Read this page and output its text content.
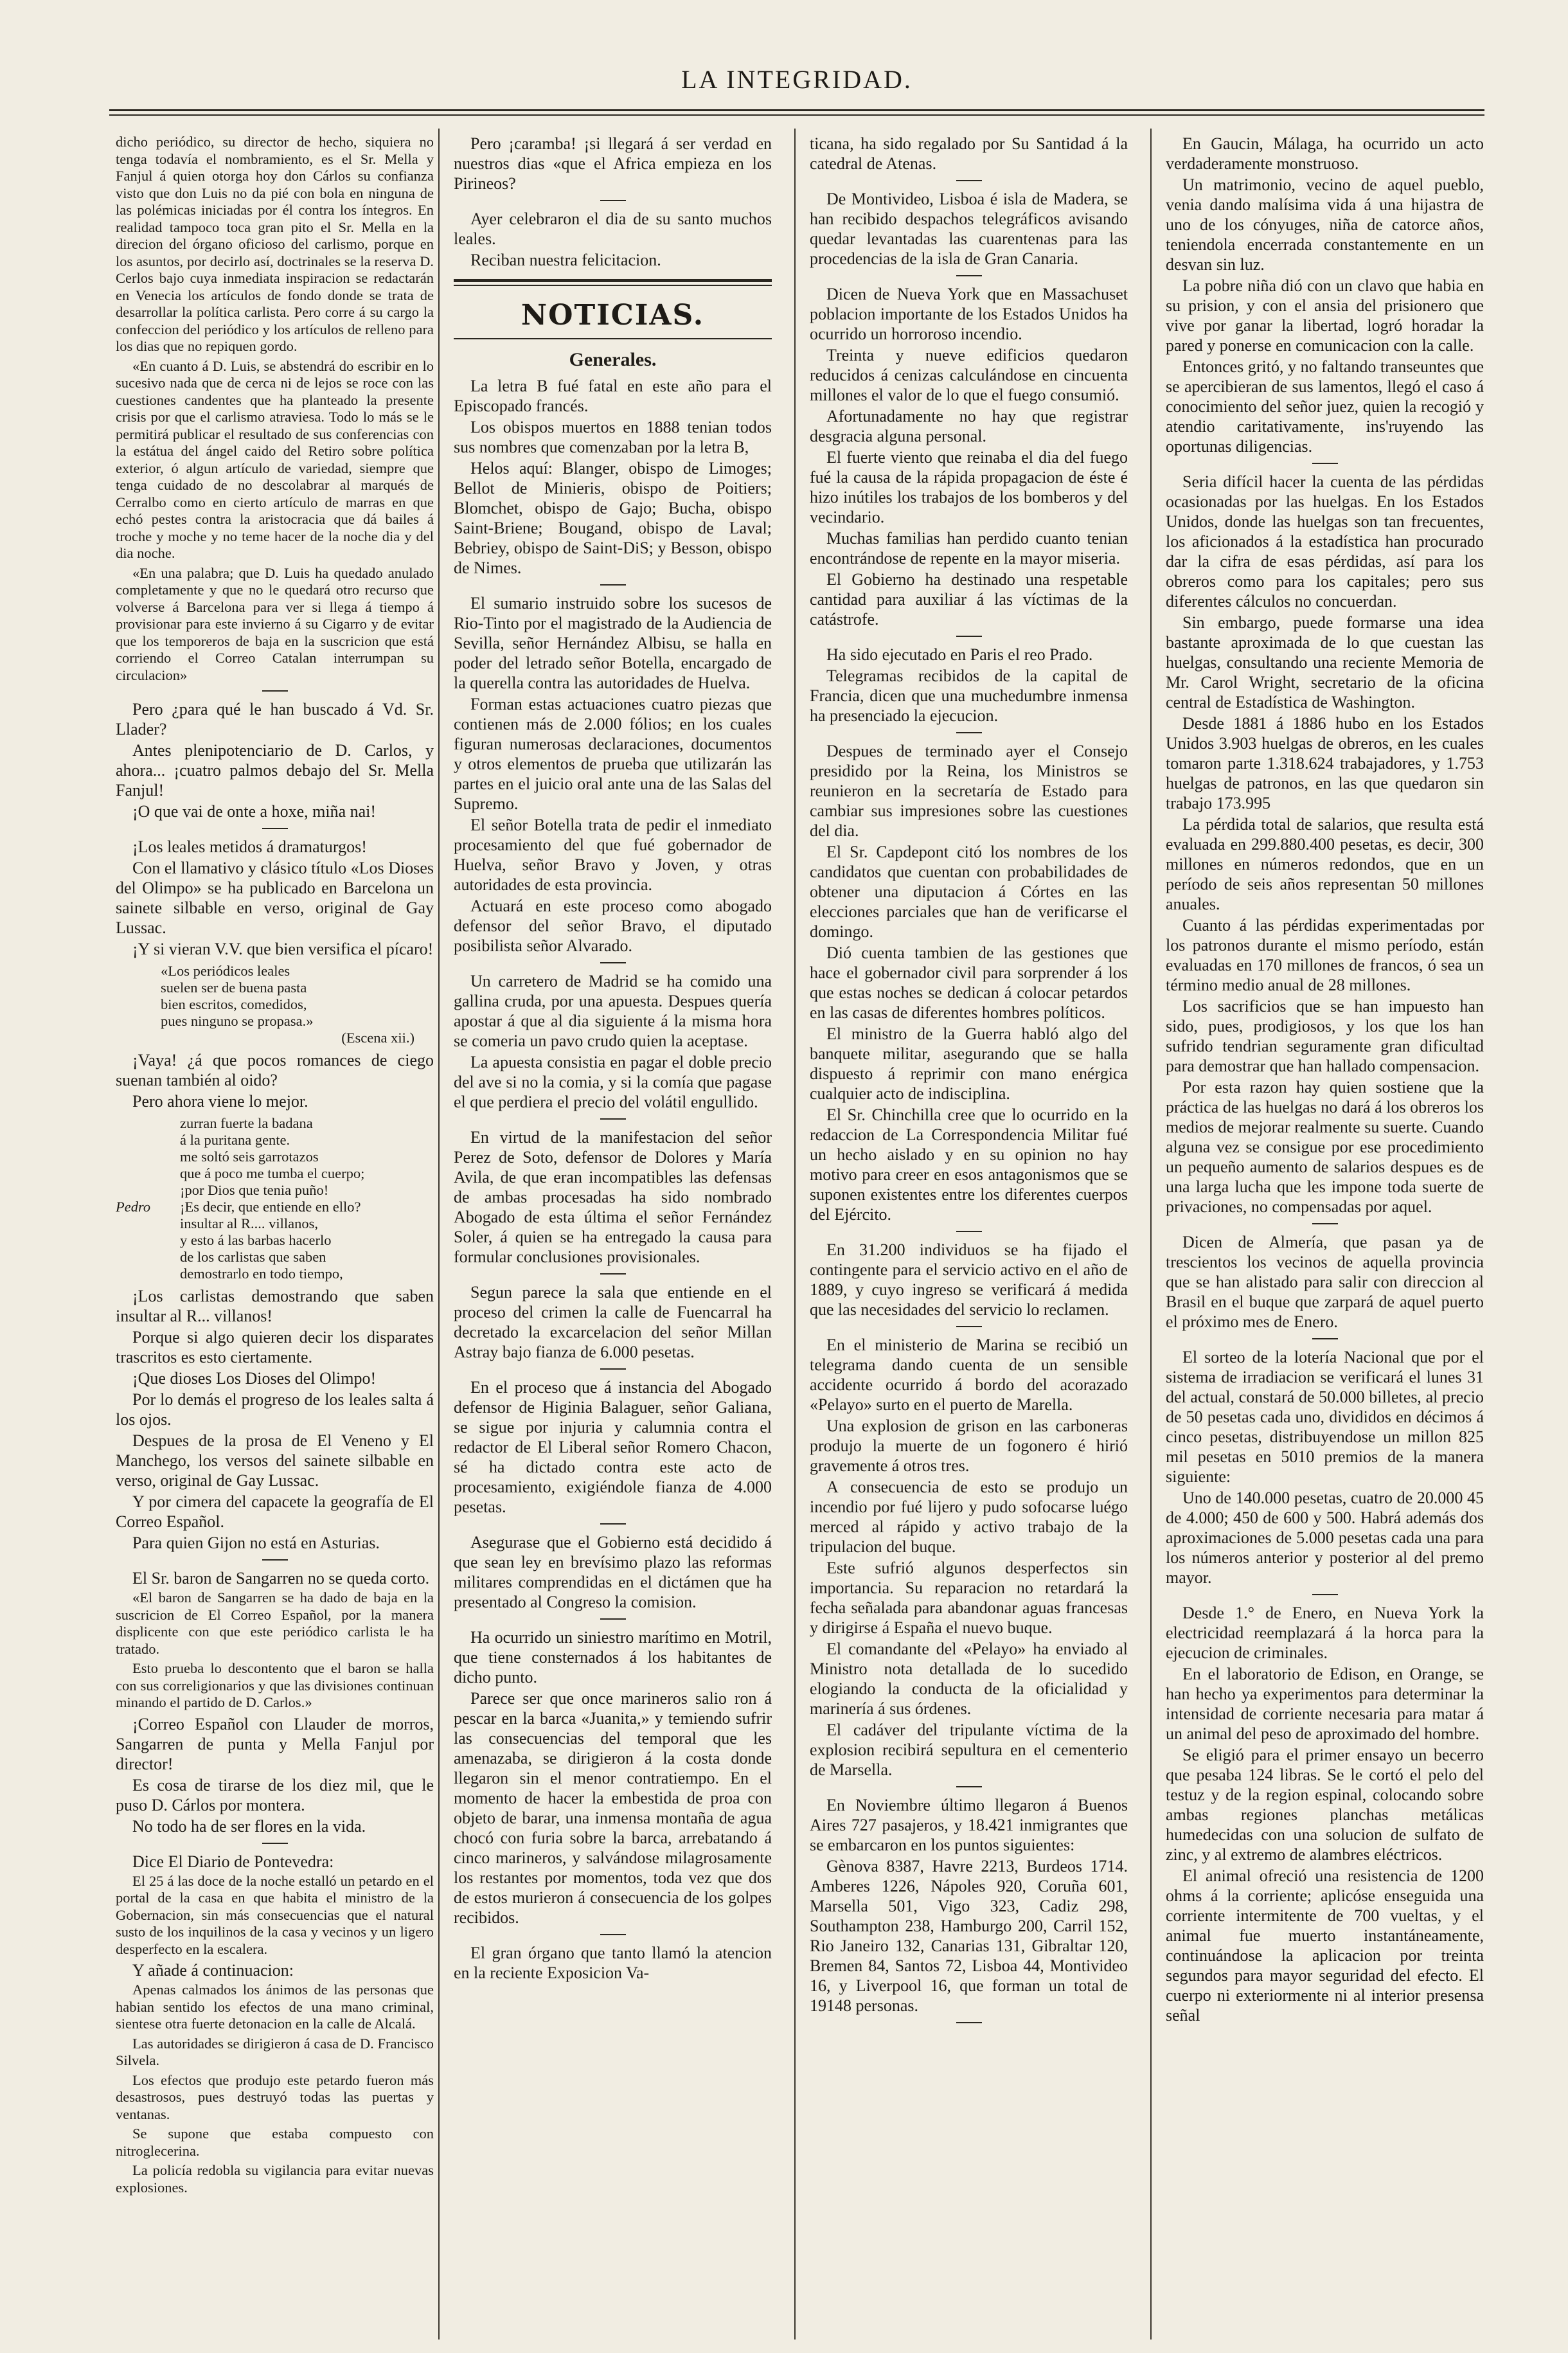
LA INTEGRIDAD.

dicho periódico, su director de hecho, siquiera no tenga todavía el nombramiento, es el Sr. Mella y Fanjul á quien otorga hoy don Cárlos su confianza visto que don Luis no da pié con bola en ninguna de las polémicas iniciadas por él contra los íntegros. En realidad tampoco toca gran pito el Sr. Mella en la direcion del órgano oficioso del carlismo, porque en los asuntos, por decirlo así, doctrinales se la reserva D. Cerlos bajo cuya inmediata inspiracion se redactarán en Venecia los artículos de fondo donde se trata de desarrollar la política carlista. Pero corre á su cargo la confeccion del periódico y los artículos de relleno para los dias que no repiquen gordo.

«En cuanto á D. Luis, se abstendrá do escribir en lo sucesivo nada que de cerca ni de lejos se roce con las cuestiones candentes que ha planteado la presente crisis por que el carlismo atraviesa. Todo lo más se le permitirá publicar el resultado de sus conferencias con la estátua del ángel caido del Retiro sobre política exterior, ó algun artículo de variedad, siempre que tenga cuidado de no descolabrar al marqués de Cerralbo como en cierto artículo de marras en que echó pestes contra la aristocracia que dá bailes á troche y moche y no teme hacer de la noche dia y del dia noche.

«En una palabra; que D. Luis ha quedado anulado completamente y que no le quedará otro recurso que volverse á Barcelona para ver si llega á tiempo á provisionar para este invierno á su Cigarro y de evitar que los temporeros de baja en la suscricion que está corriendo el Correo Catalan interrumpan su circulacion»

Pero ¿para qué le han buscado á Vd. Sr. Llader?

Antes plenipotenciario de D. Carlos, y ahora... ¡cuatro palmos debajo del Sr. Mella Fanjul!

¡O que vai de onte a hoxe, miña nai!

¡Los leales metidos á dramaturgos!

Con el llamativo y clásico título «Los Dioses del Olimpo» se ha publicado en Barcelona un sainete silbable en verso, original de Gay Lussac.

¡Y si vieran V.V. que bien versifica el pícaro!

«Los periódicos leales
suelen ser de buena pasta
bien escritos, comedidos,
pues ninguno se propasa.»
(Escena xii.)

¡Vaya! ¿á que pocos romances de ciego suenan también al oido?

Pero ahora viene lo mejor.

zurran fuerte la badana
á la puritana gente.
me soltó seis garrotazos
que á poco me tumba el cuerpo;
¡por Dios que tenia puño!
Pedro ¡Es decir, que entiende en ello?
insultar al R.... villanos,
y esto á las barbas hacerlo
de los carlistas que saben
demostrarlo en todo tiempo,

¡Los carlistas demostrando que saben insultar al R... villanos!

Porque si algo quieren decir los disparates trascritos es esto ciertamente.

¡Que dioses Los Dioses del Olimpo!

Por lo demás el progreso de los leales salta á los ojos.

Despues de la prosa de El Veneno y El Manchego, los versos del sainete silbable en verso, original de Gay Lussac.

Y por cimera del capacete la geografía de El Correo Español.

Para quien Gijon no está en Asturias.

El Sr. baron de Sangarren no se queda corto.

«El baron de Sangarren se ha dado de baja en la suscricion de El Correo Español, por la manera displicente con que este periódico carlista le ha tratado.

Esto prueba lo descontento que el baron se halla con sus correligionarios y que las divisiones continuan minando el partido de D. Carlos.»

¡Correo Español con Llauder de morros, Sangarren de punta y Mella Fanjul por director!

Es cosa de tirarse de los diez mil, que le puso D. Cárlos por montera.

No todo ha de ser flores en la vida.

Dice El Diario de Pontevedra:

El 25 á las doce de la noche estalló un petardo en el portal de la casa en que habita el ministro de la Gobernacion, sin más consecuencias que el natural susto de los inquilinos de la casa y vecinos y un ligero desperfecto en la escalera.

Y añade á continuacion:

Apenas calmados los ánimos de las personas que habian sentido los efectos de una mano criminal, sientese otra fuerte detonacion en la calle de Alcalá.

Las autoridades se dirigieron á casa de D. Francisco Silvela.

Los efectos que produjo este petardo fueron más desastrosos, pues destruyó todas las puertas y ventanas.

Se supone que estaba compuesto con nitroglecerina.

La policía redobla su vigilancia para evitar nuevas explosiones.

Pero ¡caramba! ¡si llegará á ser verdad en nuestros dias «que el Africa empieza en los Pirineos?

Ayer celebraron el dia de su santo muchos leales.

Reciban nuestra felicitacion.

NOTICIAS.
Generales.

La letra B fué fatal en este año para el Episcopado francés.

Los obispos muertos en 1888 tenian todos sus nombres que comenzaban por la letra B,

Helos aquí: Blanger, obispo de Limoges; Bellot de Minieris, obispo de Poitiers; Blomchet, obispo de Gajo; Bucha, obispo Saint-Briene; Bougand, obispo de Laval; Bebriey, obispo de Saint-DiS; y Besson, obispo de Nimes.

El sumario instruido sobre los sucesos de Rio-Tinto por el magistrado de la Audiencia de Sevilla, señor Hernández Albisu, se halla en poder del letrado señor Botella, encargado de la querella contra las autoridades de Huelva.

Forman estas actuaciones cuatro piezas que contienen más de 2.000 fólios; en los cuales figuran numerosas declaraciones, documentos y otros elementos de prueba que utilizarán las partes en el juicio oral ante una de las Salas del Supremo.

El señor Botella trata de pedir el inmediato procesamiento del que fué gobernador de Huelva, señor Bravo y Joven, y otras autoridades de esta provincia.

Actuará en este proceso como abogado defensor del señor Bravo, el diputado posibilista señor Alvarado.

Un carretero de Madrid se ha comido una gallina cruda, por una apuesta. Despues quería apostar á que al dia siguiente á la misma hora se comeria un pavo crudo quien la aceptase.

La apuesta consistia en pagar el doble precio del ave si no la comia, y si la comía que pagase el que perdiera el precio del volátil engullido.

En virtud de la manifestacion del señor Perez de Soto, defensor de Dolores y María Avila, de que eran incompatibles las defensas de ambas procesadas ha sido nombrado Abogado de esta última el señor Fernández Soler, á quien se ha entregado la causa para formular conclusiones provisionales.

Segun parece la sala que entiende en el proceso del crimen la calle de Fuencarral ha decretado la excarcelacion del señor Millan Astray bajo fianza de 6.000 pesetas.

En el proceso que á instancia del Abogado defensor de Higinia Balaguer, señor Galiana, se sigue por injuria y calumnia contra el redactor de El Liberal señor Romero Chacon, sé ha dictado contra este acto de procesamiento, exigiéndole fianza de 4.000 pesetas.

Asegurase que el Gobierno está decidido á que sean ley en brevísimo plazo las reformas militares comprendidas en el dictámen que ha presentado al Congreso la comision.

Ha ocurrido un siniestro marítimo en Motril, que tiene consternados á los habitantes de dicho punto.

Parece ser que once marineros salio ron á pescar en la barca «Juanita,» y temiendo sufrir las consecuencias del temporal que les amenazaba, se dirigieron á la costa donde llegaron sin el menor contratiempo. En el momento de hacer la embestida de proa con objeto de barar, una inmensa montaña de agua chocó con furia sobre la barca, arrebatando á cinco marineros, y salvándose milagrosamente los restantes por momentos, toda vez que dos de estos murieron á consecuencia de los golpes recibidos.

El gran órgano que tanto llamó la atencion en la reciente Exposicion Va-

ticana, ha sido regalado por Su Santidad á la catedral de Atenas.

De Montivideo, Lisboa é isla de Madera, se han recibido despachos telegráficos avisando quedar levantadas las cuarentenas para las procedencias de la isla de Gran Canaria.

Dicen de Nueva York que en Massachuset poblacion importante de los Estados Unidos ha ocurrido un horroroso incendio.

Treinta y nueve edificios quedaron reducidos á cenizas calculándose en cincuenta millones el valor de lo que el fuego consumió.

Afortunadamente no hay que registrar desgracia alguna personal.

El fuerte viento que reinaba el dia del fuego fué la causa de la rápida propagacion de éste é hizo inútiles los trabajos de los bomberos y del vecindario.

Muchas familias han perdido cuanto tenian encontrándose de repente en la mayor miseria.

El Gobierno ha destinado una respetable cantidad para auxiliar á las víctimas de la catástrofe.

Ha sido ejecutado en Paris el reo Prado.

Telegramas recibidos de la capital de Francia, dicen que una muchedumbre inmensa ha presenciado la ejecucion.

Despues de terminado ayer el Consejo presidido por la Reina, los Ministros se reunieron en la secretaría de Estado para cambiar sus impresiones sobre las cuestiones del dia.

El Sr. Capdepont citó los nombres de los candidatos que cuentan con probabilidades de obtener una diputacion á Córtes en las elecciones parciales que han de verificarse el domingo.

Dió cuenta tambien de las gestiones que hace el gobernador civil para sorprender á los que estas noches se dedican á colocar petardos en las casas de diferentes hombres políticos.

El ministro de la Guerra habló algo del banquete militar, asegurando que se halla dispuesto á reprimir con mano enérgica cualquier acto de indisciplina.

El Sr. Chinchilla cree que lo ocurrido en la redaccion de La Correspondencia Militar fué un hecho aislado y en su opinion no hay motivo para creer en esos antagonismos que se suponen existentes entre los diferentes cuerpos del Ejército.

En 31.200 individuos se ha fijado el contingente para el servicio activo en el año de 1889, y cuyo ingreso se verificará á medida que las necesidades del servicio lo reclamen.

En el ministerio de Marina se recibió un telegrama dando cuenta de un sensible accidente ocurrido á bordo del acorazado «Pelayo» surto en el puerto de Marella.

Una explosion de grison en las carboneras produjo la muerte de un fogonero é hirió gravemente á otros tres.

A consecuencia de esto se produjo un incendio por fué lijero y pudo sofocarse luégo merced al rápido y activo trabajo de la tripulacion del buque.

Este sufrió algunos desperfectos sin importancia. Su reparacion no retardará la fecha señalada para abandonar aguas francesas y dirigirse á España el nuevo buque.

El comandante del «Pelayo» ha enviado al Ministro nota detallada de lo sucedido elogiando la conducta de la oficialidad y marinería á sus órdenes.

El cadáver del tripulante víctima de la explosion recibirá sepultura en el cementerio de Marsella.

En Noviembre último llegaron á Buenos Aires 727 pasajeros, y 18.421 inmigrantes que se embarcaron en los puntos siguientes:

Gènova 8387, Havre 2213, Burdeos 1714. Amberes 1226, Nápoles 920, Coruña 601, Marsella 501, Vigo 323, Cadiz 298, Southampton 238, Hamburgo 200, Carril 152, Rio Janeiro 132, Canarias 131, Gibraltar 120, Bremen 84, Santos 72, Lisboa 44, Montivideo 16, y Liverpool 16, que forman un total de 19148 personas.

En Gaucin, Málaga, ha ocurrido un acto verdaderamente monstruoso.

Un matrimonio, vecino de aquel pueblo, venia dando malísima vida á una hijastra de uno de los cónyuges, niña de catorce años, teniendola encerrada constantemente en un desvan sin luz.

La pobre niña dió con un clavo que habia en su prision, y con el ansia del prisionero que vive por ganar la libertad, logró horadar la pared y ponerse en comunicacion con la calle.

Entonces gritó, y no faltando transeuntes que se apercibieran de sus lamentos, llegó el caso á conocimiento del señor juez, quien la recogió y atendio caritativamente, ins'ruyendo las oportunas diligencias.

Seria difícil hacer la cuenta de las pérdidas ocasionadas por las huelgas. En los Estados Unidos, donde las huelgas son tan frecuentes, los aficionados á la estadística han procurado dar la cifra de esas pérdidas, así para los obreros como para los capitales; pero sus diferentes cálculos no concuerdan.

Sin embargo, puede formarse una idea bastante aproximada de lo que cuestan las huelgas, consultando una reciente Memoria de Mr. Carol Wright, secretario de la oficina central de Estadística de Washington.

Desde 1881 á 1886 hubo en los Estados Unidos 3.903 huelgas de obreros, en les cuales tomaron parte 1.318.624 trabajadores, y 1.753 huelgas de patronos, en las que quedaron sin trabajo 173.995

La pérdida total de salarios, que resulta está evaluada en 299.880.400 pesetas, es decir, 300 millones en números redondos, que en un período de seis años representan 50 millones anuales.

Cuanto á las pérdidas experimentadas por los patronos durante el mismo período, están evaluadas en 170 millones de francos, ó sea un término medio anual de 28 millones.

Los sacrificios que se han impuesto han sido, pues, prodigiosos, y los que los han sufrido tendrian seguramente gran dificultad para demostrar que han hallado compensacion.

Por esta razon hay quien sostiene que la práctica de las huelgas no dará á los obreros los medios de mejorar realmente su suerte. Cuando alguna vez se consigue por ese procedimiento un pequeño aumento de salarios despues es de una larga lucha que les impone toda suerte de privaciones, no compensadas por aquel.

Dicen de Almería, que pasan ya de trescientos los vecinos de aquella provincia que se han alistado para salir con direccion al Brasil en el buque que zarpará de aquel puerto el próximo mes de Enero.

El sorteo de la lotería Nacional que por el sistema de irradiacion se verificará el lunes 31 del actual, constará de 50.000 billetes, al precio de 50 pesetas cada uno, divididos en décimos á cinco pesetas, distribuyendose un millon 825 mil pesetas en 5010 premios de la manera siguiente:

Uno de 140.000 pesetas, cuatro de 20.000 45 de 4.000; 450 de 600 y 500. Habrá además dos aproximaciones de 5.000 pesetas cada una para los números anterior y posterior al del premo mayor.

Desde 1.° de Enero, en Nueva York la electricidad reemplazará á la horca para la ejecucion de criminales.

En el laboratorio de Edison, en Orange, se han hecho ya experimentos para determinar la intensidad de corriente necesaria para matar á un animal del peso de aproximado del hombre.

Se eligió para el primer ensayo un becerro que pesaba 124 libras. Se le cortó el pelo del testuz y de la region espinal, colocando sobre ambas regiones planchas metálicas humedecidas con una solucion de sulfato de zinc, y al extremo de alambres eléctricos.

El animal ofreció una resistencia de 1200 ohms á la corriente; aplicóse enseguida una corriente intermitente de 700 vueltas, y el animal fue muerto instantáneamente, continuándose la aplicacion por treinta segundos para mayor seguridad del efecto. El cuerpo ni exteriormente ni al interior presensa señal
